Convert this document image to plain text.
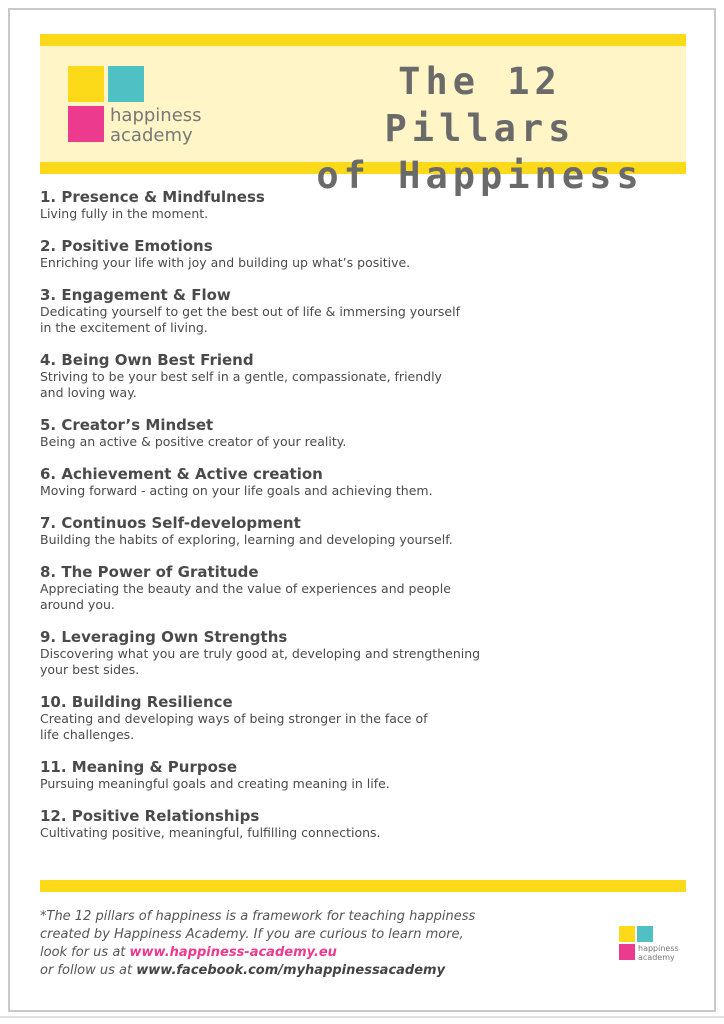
happiness
academy
The 12 Pillars
of Happiness
1. Presence & Mindfulness

Living fully in the moment.

2. Positive Emotions

Enriching your life with joy and building up what’s positive.

3. Engagement & Flow

Dedicating yourself to get the best out of life & immersing yourself
in the excitement of living.

4. Being Own Best Friend

Striving to be your best self in a gentle, compassionate, friendly
and loving way.

5. Creator’s Mindset

Being an active & positive creator of your reality.

6. Achievement & Active creation

Moving forward - acting on your life goals and achieving them.

7. Continuos Self-development

Building the habits of exploring, learning and developing yourself.

8. The Power of Gratitude

Appreciating the beauty and the value of experiences and people
around you.

9. Leveraging Own Strengths

Discovering what you are truly good at, developing and strengthening
your best sides.

10. Building Resilience

Creating and developing ways of being stronger in the face of
life challenges.

11. Meaning & Purpose

Pursuing meaningful goals and creating meaning in life.

12. Positive Relationships

Cultivating positive, meaningful, fulfilling connections.

*The 12 pillars of happiness is a framework for teaching happiness
created by Happiness Academy. If you are curious to learn more,
look for us at www.happiness-academy.eu
or follow us at www.facebook.com/myhappinessacademy
happiness
academy
